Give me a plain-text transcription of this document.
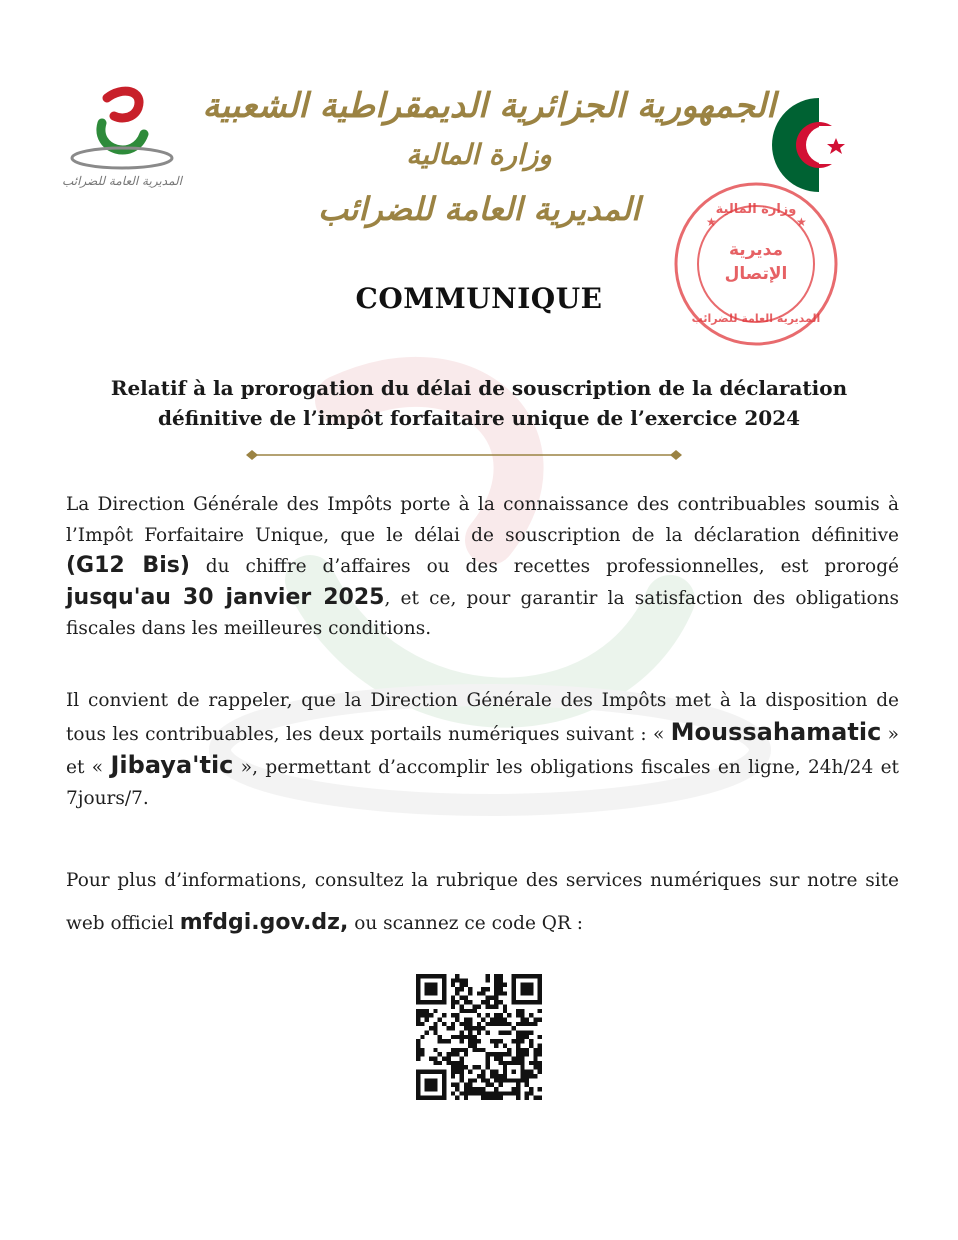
المديرية العامة للضرائب
الجمهورية الجزائرية الديمقراطية الشعبية
وزارة المالية
المديرية العامة للضرائب	★	★
وزارة المالية
مديرية الإتصال
المديرية العامة للضرائب
COMMUNIQUE
Relatif à la prorogation du délai de souscription de la déclaration
définitive de l’impôt forfaitaire unique de l’exercice 2024
La Direction Générale des Impôts porte à la connaissance des contribuables soumis à l’Impôt Forfaitaire Unique, que le délai de souscription de la déclaration définitive (G12 Bis) du chiffre d’affaires ou des recettes professionnelles, est prorogé jusqu'au 30 janvier 2025, et ce, pour garantir la satisfaction des obligations fiscales dans les meilleures conditions.
Il convient de rappeler, que la Direction Générale des Impôts met à la disposition de tous les contribuables, les deux portails numériques suivant : « Moussahamatic » et « Jibaya'tic », permettant d’accomplir les obligations fiscales en ligne, 24h/24 et 7jours/7.
Pour plus d’informations, consultez la rubrique des services numériques sur notre site web officiel mfdgi.gov.dz, ou scannez ce code QR :
